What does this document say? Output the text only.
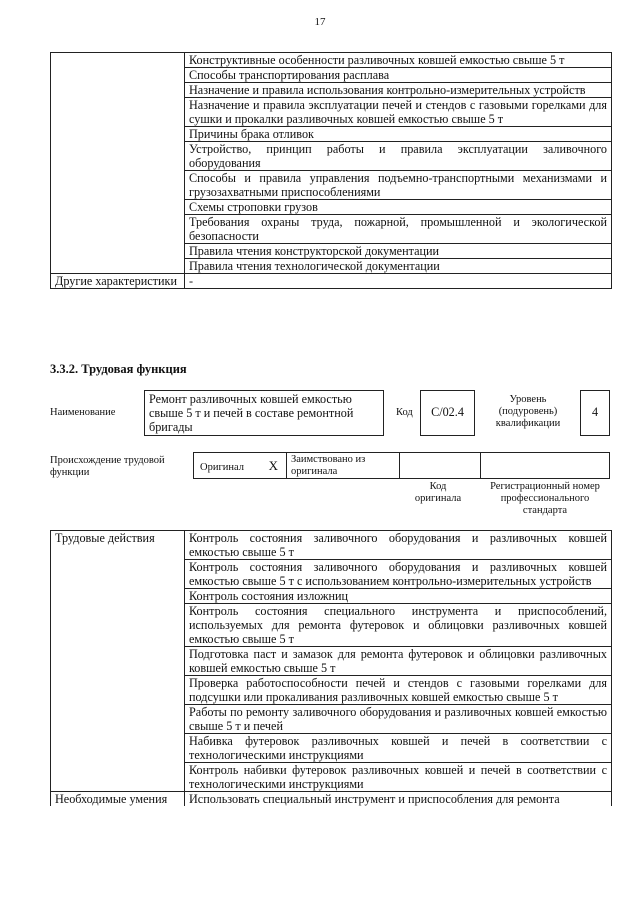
17
	Конструктивные особенности разливочных ковшей емкостью свыше 5 т
	Способы транспортирования расплава
	Назначение и правила использования контрольно-измерительных устройств
	Назначение и правила эксплуатации печей и стендов с газовыми горелками для сушки и прокалки разливочных ковшей емкостью свыше 5 т
	Причины брака отливок
	Устройство, принцип работы и правила эксплуатации заливочного оборудования
	Способы и правила управления подъемно-транспортными механизмами и грузозахватными приспособлениями
	Схемы строповки грузов
	Требования охраны труда, пожарной, промышленной и экологической безопасности
	Правила чтения конструкторской документации
	Правила чтения технологической документации
Другие характеристики	-
3.3.2. Трудовая функция
Наименование
Ремонт разливочных ковшей емкостью свыше 5 т и печей в составе ремонтной бригады
Код	C/02.4
Уровень (подуровень) квалификации
4
Происхождение трудовой функции	Оригинал X	Заимствовано из оригинала
Код оригинала
Регистрационный номер профессионального стандарта
Трудовые действия	Контроль состояния заливочного оборудования и разливочных ковшей емкостью свыше 5 т
	Контроль состояния заливочного оборудования и разливочных ковшей емкостью свыше 5 т с использованием контрольно-измерительных устройств
	Контроль состояния изложниц
	Контроль состояния специального инструмента и приспособлений, используемых для ремонта футеровок и облицовки разливочных ковшей емкостью свыше 5 т
	Подготовка паст и замазок для ремонта футеровок и облицовки разливочных ковшей емкостью свыше 5 т
	Проверка работоспособности печей и стендов с газовыми горелками для подсушки или прокаливания разливочных ковшей емкостью свыше 5 т
	Работы по ремонту заливочного оборудования и разливочных ковшей емкостью свыше 5 т и печей
	Набивка футеровок разливочных ковшей и печей в соответствии с технологическими инструкциями
	Контроль набивки футеровок разливочных ковшей и печей в соответствии с технологическими инструкциями
Необходимые умения	Использовать специальный инструмент и приспособления для ремонта
